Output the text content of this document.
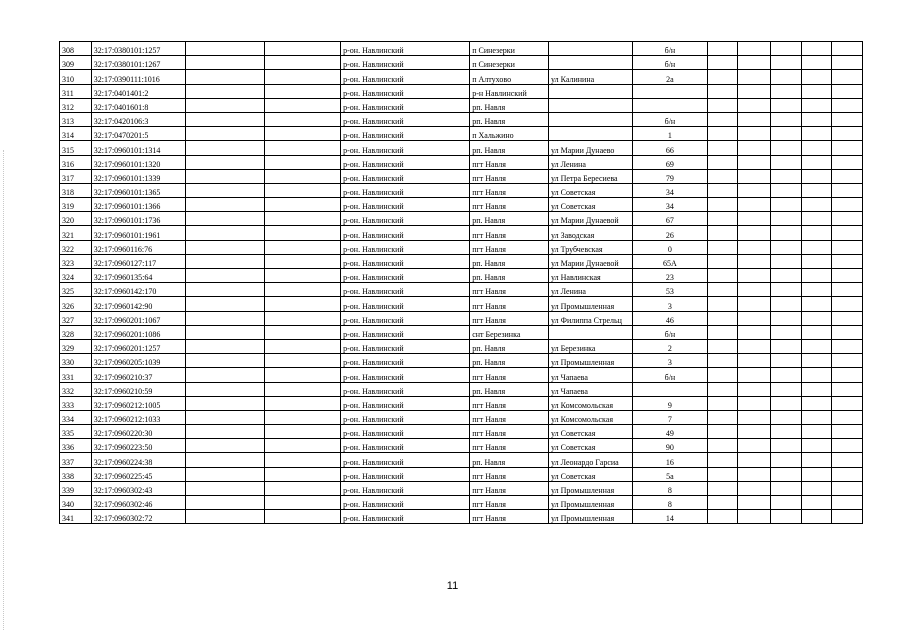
308	32:17:0380101:1257			р-он. Навлинский	п Синезерки		б/н					
309	32:17:0380101:1267			р-он. Навлинский	п Синезерки		б/н					
310	32:17:0390111:1016			р-он. Навлинский	п Алтухово	ул Калинина	2а					
311	32:17:0401401:2			р-он. Навлинский	р-н Навлинский							
312	32:17:0401601:8			р-он. Навлинский	рп. Навля							
313	32:17:0420106:3			р-он. Навлинский	рп. Навля		б/н					
314	32:17:0470201:5			р-он. Навлинский	п Хальжино		1					
315	32:17:0960101:1314			р-он. Навлинский	рп. Навля	ул Марии Дунаево	66					
316	32:17:0960101:1320			р-он. Навлинский	пгт Навля	ул Ленина	69					
317	32:17:0960101:1339			р-он. Навлинский	пгт Навля	ул Петра Бересиева	79					
318	32:17:0960101:1365			р-он. Навлинский	пгт Навля	ул Советская	34					
319	32:17:0960101:1366			р-он. Навлинский	пгт Навля	ул Советская	34					
320	32:17:0960101:1736			р-он. Навлинский	рп. Навля	ул Марии Дунаевой	67					
321	32:17:0960101:1961			р-он. Навлинский	пгт Навля	ул Заводская	26					
322	32:17:0960116:76			р-он. Навлинский	пгт Навля	ул Трубчевская	0					
323	32:17:0960127:117			р-он. Навлинский	рп. Навля	ул Марии Дунаевой	65А					
324	32:17:0960135:64			р-он. Навлинский	рп. Навля	ул Навлинская	23					
325	32:17:0960142:170			р-он. Навлинский	пгт Навля	ул Ленина	53					
326	32:17:0960142:90			р-он. Навлинский	пгт Навля	ул Промышленная	3					
327	32:17:0960201:1067			р-он. Навлинский	пгт Навля	ул Филиппа Стрельц	46					
328	32:17:0960201:1086			р-он. Навлинский	снт Березинка		б/н					
329	32:17:0960201:1257			р-он. Навлинский	рп. Навля	ул Березинка	2					
330	32:17:0960205:1039			р-он. Навлинский	рп. Навля	ул Промышленная	3					
331	32:17:0960210:37			р-он. Навлинский	пгт Навля	ул Чапаева	б/н					
332	32:17:0960210:59			р-он. Навлинский	рп. Навля	ул Чапаева						
333	32:17:0960212:1005			р-он. Навлинский	пгт Навля	ул Комсомольская	9					
334	32:17:0960212:1033			р-он. Навлинский	пгт Навля	ул Комсомольская	7					
335	32:17:0960220:30			р-он. Навлинский	пгт Навля	ул Советская	49					
336	32:17:0960223:50			р-он. Навлинский	пгт Навля	ул Советская	90					
337	32:17:0960224:38			р-он. Навлинский	рп. Навля	ул Леонардо Гарсиа	16					
338	32:17:0960225:45			р-он. Навлинский	пгт Навля	ул Советская	5а					
339	32:17:0960302:43			р-он. Навлинский	пгт Навля	ул Промышленная	8					
340	32:17:0960302:46			р-он. Навлинский	пгт Навля	ул Промышленная	8					
341	32:17:0960302:72			р-он. Навлинский	пгт Навля	ул Промышленная	14					
11
